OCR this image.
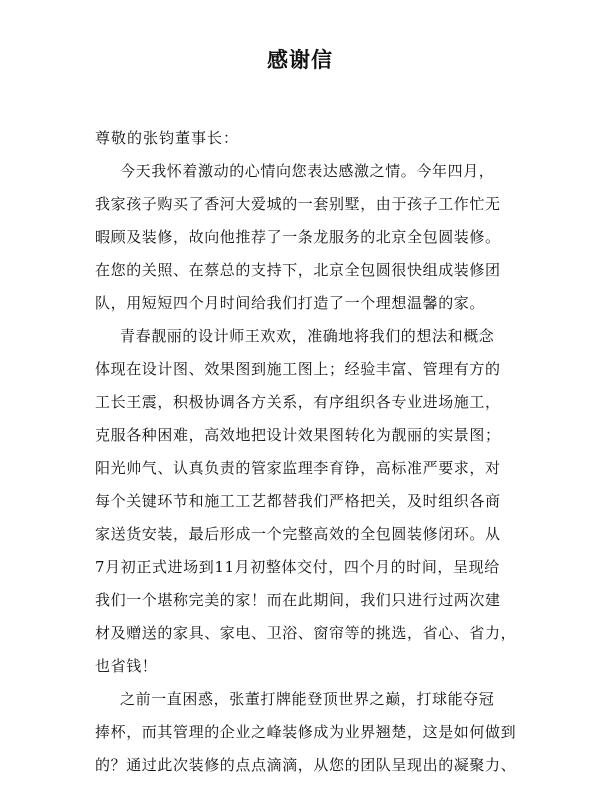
感谢信
尊敬的张钧董事长：
今天我怀着激动的心情向您表达感激之情。今年四月，
我家孩子购买了香河大爱城的一套别墅，由于孩子工作忙无
暇顾及装修，故向他推荐了一条龙服务的北京全包圆装修。
在您的关照、在蔡总的支持下，北京全包圆很快组成装修团
队，用短短四个月时间给我们打造了一个理想温馨的家。
青春靓丽的设计师王欢欢，准确地将我们的想法和概念
体现在设计图、效果图到施工图上；经验丰富、管理有方的
工长王震，积极协调各方关系，有序组织各专业进场施工，
克服各种困难，高效地把设计效果图转化为靓丽的实景图；
阳光帅气、认真负责的管家监理李育铮，高标准严要求，对
每个关键环节和施工工艺都替我们严格把关，及时组织各商
家送货安装，最后形成一个完整高效的全包圆装修闭环。从
7月初正式进场到11月初整体交付，四个月的时间，呈现给
我们一个堪称完美的家！而在此期间，我们只进行过两次建
材及赠送的家具、家电、卫浴、窗帘等的挑选，省心、省力，
也省钱！
之前一直困惑，张董打牌能登顶世界之巅，打球能夺冠
捧杯，而其管理的企业之峰装修成为业界翘楚，这是如何做到
的？通过此次装修的点点滴滴，从您的团队呈现出的凝聚力、
